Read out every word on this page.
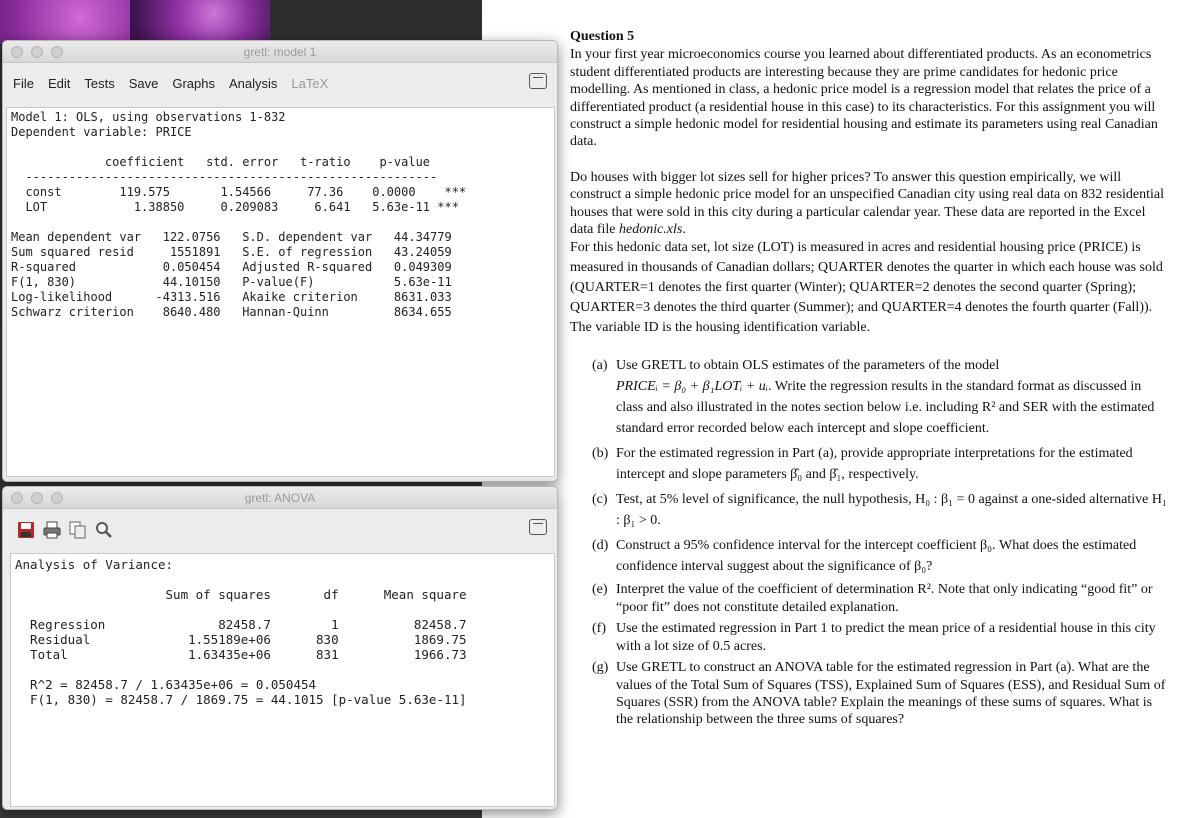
gretl: model 1
File Edit Tests Save Graphs Analysis LaTeX
Model 1: OLS, using observations 1-832
Dependent variable: PRICE

coefficient   std. error   t-ratio    p-value
---------------------------------------------------------
const        119.575       1.54566     77.36    0.0000    ***
LOT            1.38850     0.209083     6.641   5.63e-11 ***

Mean dependent var   122.0756   S.D. dependent var   44.34779
Sum squared resid     1551891   S.E. of regression   43.24059
R-squared            0.050454   Adjusted R-squared   0.049309
F(1, 830)            44.10150   P-value(F)           5.63e-11
Log-likelihood      -4313.516   Akaike criterion     8631.033
Schwarz criterion    8640.480   Hannan-Quinn         8634.655
gretl: ANOVA
Analysis of Variance:

Sum of squares       df      Mean square

Regression               82458.7        1          82458.7
Residual             1.55189e+06      830          1869.75
Total                1.63435e+06      831          1966.73

R^2 = 82458.7 / 1.63435e+06 = 0.050454
F(1, 830) = 82458.7 / 1869.75 = 44.1015 [p-value 5.63e-11]
Question 5

In your first year microeconomics course you learned about differentiated products. As an econometrics student differentiated products are interesting because they are prime candidates for hedonic price modelling. As mentioned in class, a hedonic price model is a regression model that relates the price of a differentiated product (a residential house in this case) to its characteristics. For this assignment you will construct a simple hedonic model for residential housing and estimate its parameters using real Canadian data.

Do houses with bigger lot sizes sell for higher prices? To answer this question empirically, we will construct a simple hedonic price model for an unspecified Canadian city using real data on 832 residential houses that were sold in this city during a particular calendar year. These data are reported in the Excel data file hedonic.xls.

For this hedonic data set, lot size (LOT) is measured in acres and residential housing price (PRICE) is measured in thousands of Canadian dollars; QUARTER denotes the quarter in which each house was sold (QUARTER=1 denotes the first quarter (Winter); QUARTER=2 denotes the second quarter (Spring); QUARTER=3 denotes the third quarter (Summer); and QUARTER=4 denotes the fourth quarter (Fall)). The variable ID is the housing identification variable.

(a) Use GRETL to obtain OLS estimates of the parameters of the model
PRICEᵢ = β₀ + β₁LOTᵢ + uᵢ. Write the regression results in the standard format as discussed in class and also illustrated in the notes section below i.e. including R² and SER with the estimated standard error recorded below each intercept and slope coefficient.
(b) For the estimated regression in Part (a), provide appropriate interpretations for the estimated intercept and slope parameters β̂₀ and β̂₁, respectively.
(c) Test, at 5% level of significance, the null hypothesis, H₀ : β₁ = 0 against a one-sided alternative H₁ : β₁ > 0.
(d) Construct a 95% confidence interval for the intercept coefficient β₀. What does the estimated confidence interval suggest about the significance of β₀?
(e) Interpret the value of the coefficient of determination R². Note that only indicating “good fit” or “poor fit” does not constitute detailed explanation.
(f) Use the estimated regression in Part 1 to predict the mean price of a residential house in this city with a lot size of 0.5 acres.
(g) Use GRETL to construct an ANOVA table for the estimated regression in Part (a). What are the values of the Total Sum of Squares (TSS), Explained Sum of Squares (ESS), and Residual Sum of Squares (SSR) from the ANOVA table? Explain the meanings of these sums of squares. What is the relationship between the three sums of squares?
